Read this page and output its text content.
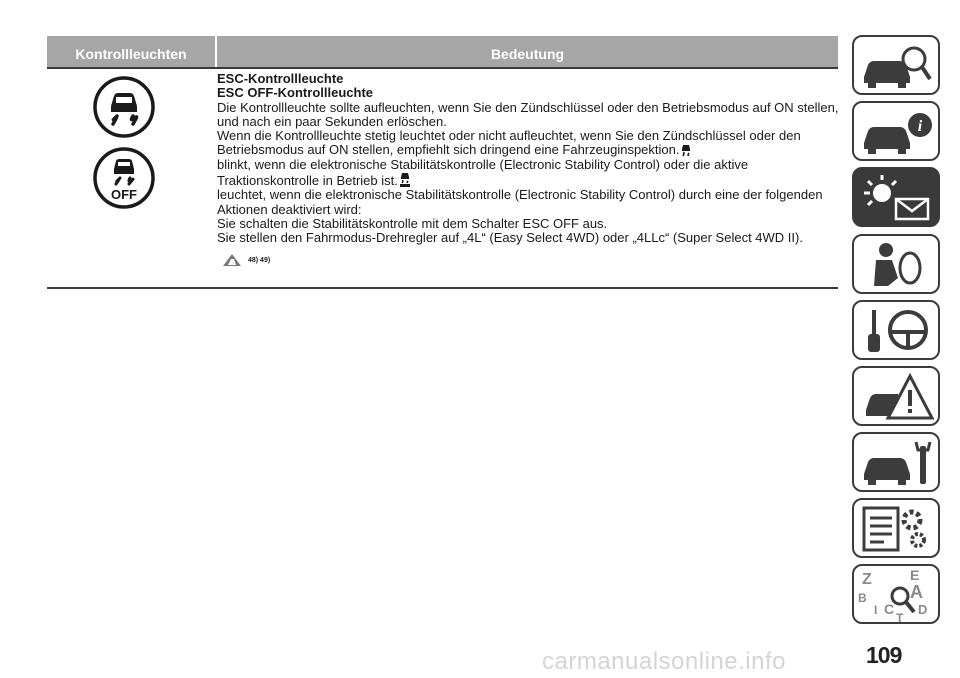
Kontrollleuchten	Bedeutung
OFF

ESC-Kontrollleuchte

ESC OFF-Kontrollleuchte

Die Kontrollleuchte sollte aufleuchten, wenn Sie den Zündschlüssel oder den Betriebsmodus auf ON stellen, und nach ein paar Sekunden erlöschen.

Wenn die Kontrollleuchte stetig leuchtet oder nicht aufleuchtet, wenn Sie den Zündschlüssel oder den Betriebsmodus auf ON stellen, empfiehlt sich dringend eine Fahrzeuginspektion.

blinkt, wenn die elektronische Stabilitätskontrolle (Electronic Stability Control) oder die aktive Traktionskontrolle in Betrieb ist.

leuchtet, wenn die elektronische Stabilitätskontrolle (Electronic Stability Control) durch eine der folgenden Aktionen deaktiviert wird:

Sie schalten die Stabilitätskontrolle mit dem Schalter ESC OFF aus.

Sie stellen den Fahrmodus-Drehregler auf „4L“ (Easy Select 4WD) oder „4LLc“ (Super Select 4WD II).

48) 49)
i
Z	E
B A
I C D
T
109
carmanualsonline.info
